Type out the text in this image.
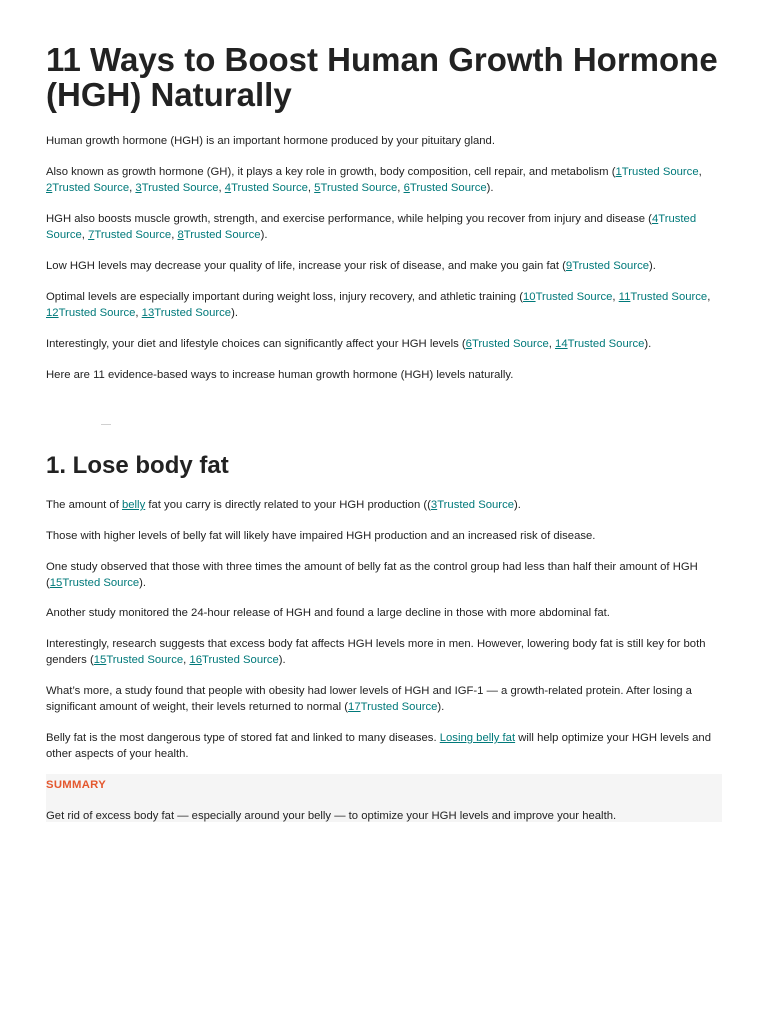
11 Ways to Boost Human Growth Hormone (HGH) Naturally

Human growth hormone (HGH) is an important hormone produced by your pituitary gland.

Also known as growth hormone (GH), it plays a key role in growth, body composition, cell repair, and metabolism (1Trusted Source, 2Trusted Source, 3Trusted Source, 4Trusted Source, 5Trusted Source, 6Trusted Source).

HGH also boosts muscle growth, strength, and exercise performance, while helping you recover from injury and disease (4Trusted Source, 7Trusted Source, 8Trusted Source).

Low HGH levels may decrease your quality of life, increase your risk of disease, and make you gain fat (9Trusted Source).

Optimal levels are especially important during weight loss, injury recovery, and athletic training (10Trusted Source, 11Trusted Source, 12Trusted Source, 13Trusted Source).

Interestingly, your diet and lifestyle choices can significantly affect your HGH levels (6Trusted Source, 14Trusted Source).

Here are 11 evidence-based ways to increase human growth hormone (HGH) levels naturally.

1. Lose body fat

The amount of belly fat you carry is directly related to your HGH production ((3Trusted Source).

Those with higher levels of belly fat will likely have impaired HGH production and an increased risk of disease.

One study observed that those with three times the amount of belly fat as the control group had less than half their amount of HGH (15Trusted Source).

Another study monitored the 24-hour release of HGH and found a large decline in those with more abdominal fat.

Interestingly, research suggests that excess body fat affects HGH levels more in men. However, lowering body fat is still key for both genders (15Trusted Source, 16Trusted Source).

What’s more, a study found that people with obesity had lower levels of HGH and IGF-1 — a growth-related protein. After losing a significant amount of weight, their levels returned to normal (17Trusted Source).

Belly fat is the most dangerous type of stored fat and linked to many diseases. Losing belly fat will help optimize your HGH levels and other aspects of your health.

SUMMARY
Get rid of excess body fat — especially around your belly — to optimize your HGH levels and improve your health.
